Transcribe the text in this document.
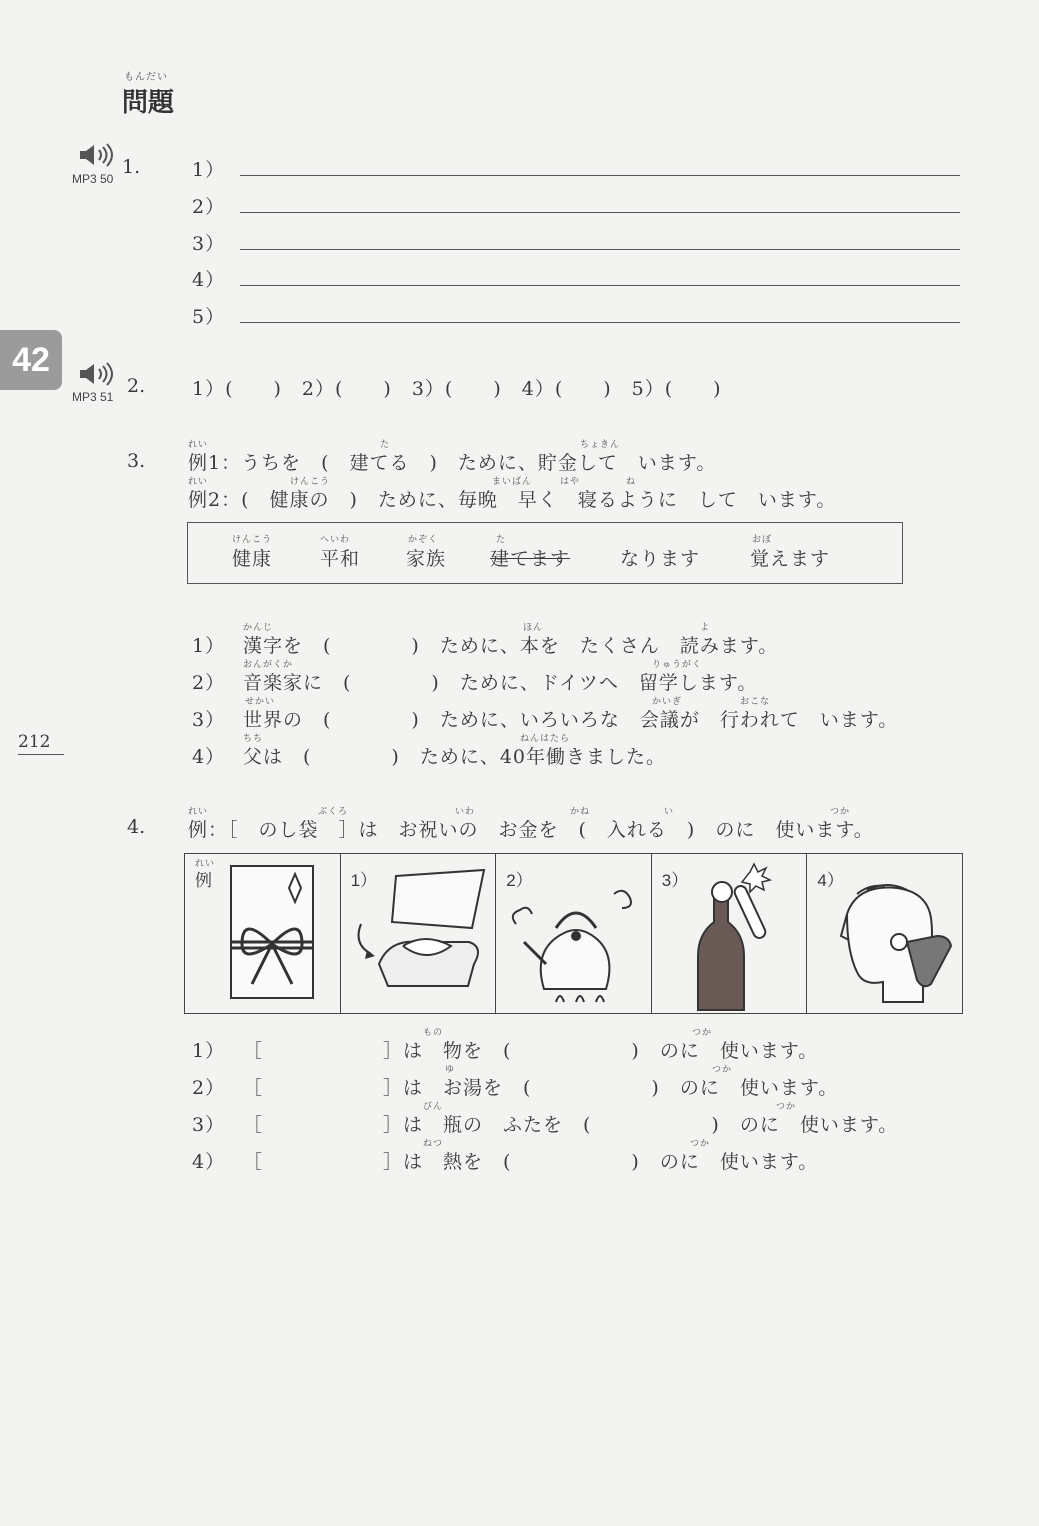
もんだい
問題
42
212
MP3 50
1.	1）
2）
3）
4）
5）
MP3 51 2. 1）(　　)　2）(　　)　3）(　　)　4）(　　)　5）(　　)
3.
れい	た	ちょきん
例1：うちを　(　建てる　)　ために、貯金して　います。
れい	けんこう	まいばん	はや	ね
例2：(　健康の　)　ために、毎晩　早く　寝るように　して　います。
けんこう
健康
へいわ
平和
かぞく
家族
た
建てます	なります
おぼ
覚えます
かんじ	ほん	よ
1） 漢字を　(　　　　)　ために、本を　たくさん　読みます。
おんがくか	りゅうがく
2） 音楽家に　(　　　　)　ために、ドイツへ　留学します。
せかい	かいぎ	おこな
3） 世界の　(　　　　)　ために、いろいろな　会議が　行われて　います。
ちち	ねんはたら
4） 父は　(　　　　)　ために、40年働きました。
4.
れい	ぶくろ	いわ	かね	い	つか
例：［　のし袋　］は　お祝いの　お金を　(　入れる　)　のに　使います。
れい
例	1）	2）	3）	4）
もの	つか
1） ［　　　　　　］は　物を　(　　　　　　)　のに　使います。
ゆ	つか
2） ［　　　　　　］は　お湯を　(　　　　　　)　のに　使います。
びん	つか
3） ［　　　　　　］は　瓶の　ふたを　(　　　　　　)　のに　使います。
ねつ	つか
4） ［　　　　　　］は　熱を　(　　　　　　)　のに　使います。
